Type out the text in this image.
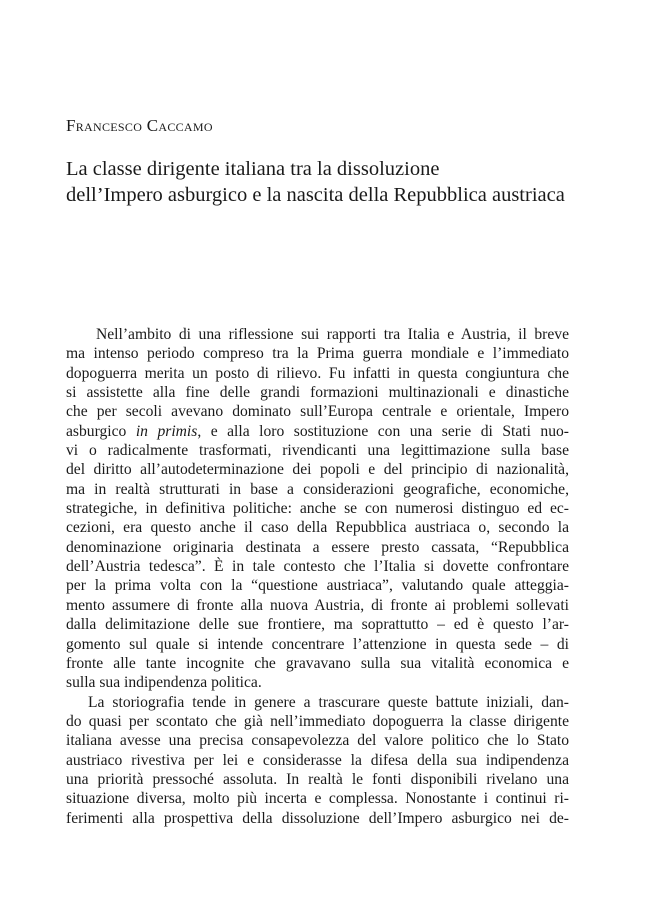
Francesco Caccamo
La classe dirigente italiana tra la dissoluzione
dell’Impero asburgico e la nascita della Repubblica austriaca

Nell’ambito di una riflessione sui rapporti tra Italia e Austria, il breve
ma intenso periodo compreso tra la Prima guerra mondiale e l’immediato
dopoguerra merita un posto di rilievo. Fu infatti in questa congiuntura che
si assistette alla fine delle grandi formazioni multinazionali e dinastiche
che per secoli avevano dominato sull’Europa centrale e orientale, Impero
asburgico in primis, e alla loro sostituzione con una serie di Stati nuo-
vi o radicalmente trasformati, rivendicanti una legittimazione sulla base
del diritto all’autodeterminazione dei popoli e del principio di nazionalità,
ma in realtà strutturati in base a considerazioni geografiche, economiche,
strategiche, in definitiva politiche: anche se con numerosi distinguo ed ec-
cezioni, era questo anche il caso della Repubblica austriaca o, secondo la
denominazione originaria destinata a essere presto cassata, “Repubblica
dell’Austria tedesca”. È in tale contesto che l’Italia si dovette confrontare
per la prima volta con la “questione austriaca”, valutando quale atteggia-
mento assumere di fronte alla nuova Austria, di fronte ai problemi sollevati
dalla delimitazione delle sue frontiere, ma soprattutto – ed è questo l’ar-
gomento sul quale si intende concentrare l’attenzione in questa sede – di
fronte alle tante incognite che gravavano sulla sua vitalità economica e
sulla sua indipendenza politica.

La storiografia tende in genere a trascurare queste battute iniziali, dan-
do quasi per scontato che già nell’immediato dopoguerra la classe dirigente
italiana avesse una precisa consapevolezza del valore politico che lo Stato
austriaco rivestiva per lei e considerasse la difesa della sua indipendenza
una priorità pressoché assoluta. In realtà le fonti disponibili rivelano una
situazione diversa, molto più incerta e complessa. Nonostante i continui ri-
ferimenti alla prospettiva della dissoluzione dell’Impero asburgico nei de-
